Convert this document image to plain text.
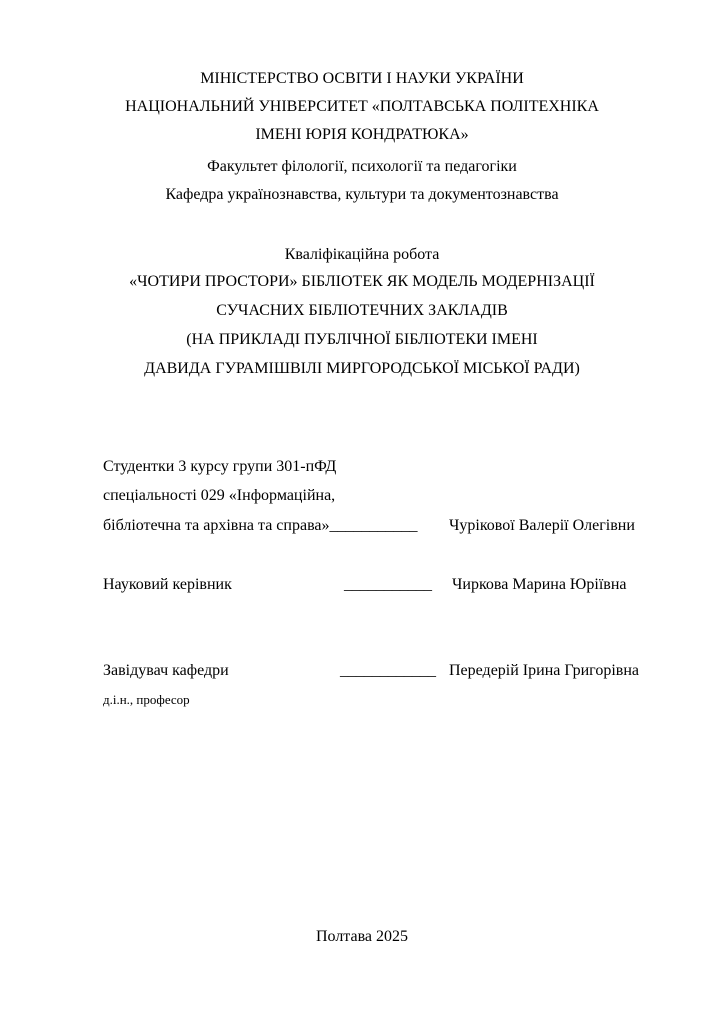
МІНІСТЕРСТВО ОСВІТИ І НАУКИ УКРАЇНИ
НАЦІОНАЛЬНИЙ УНІВЕРСИТЕТ «ПОЛТАВСЬКА ПОЛІТЕХНІКА
ІМЕНІ ЮРІЯ КОНДРАТЮКА»
Факультет філології, психології та педагогіки
Кафедра українознавства, культури та документознавства
Кваліфікаційна робота
«ЧОТИРИ ПРОСТОРИ» БІБЛІОТЕК ЯК МОДЕЛЬ МОДЕРНІЗАЦІЇ
СУЧАСНИХ БІБЛІОТЕЧНИХ ЗАКЛАДІВ
(НА ПРИКЛАДІ ПУБЛІЧНОЇ БІБЛІОТЕКИ ІМЕНІ
ДАВИДА ГУРАМІШВІЛІ МИРГОРОДСЬКОЇ МІСЬКОЇ РАДИ)
Студентки 3 курсу групи 301-пФД
спеціальності 029 «Інформаційна,
бібліотечна та архівна та справа»___________ Чурікової Валерії Олегівни
Науковий керівник	___________ Чиркова Марина Юріївна
Завідувач кафедри	____________ Передерій Ірина Григорівна
д.і.н., професор
Полтава 2025
